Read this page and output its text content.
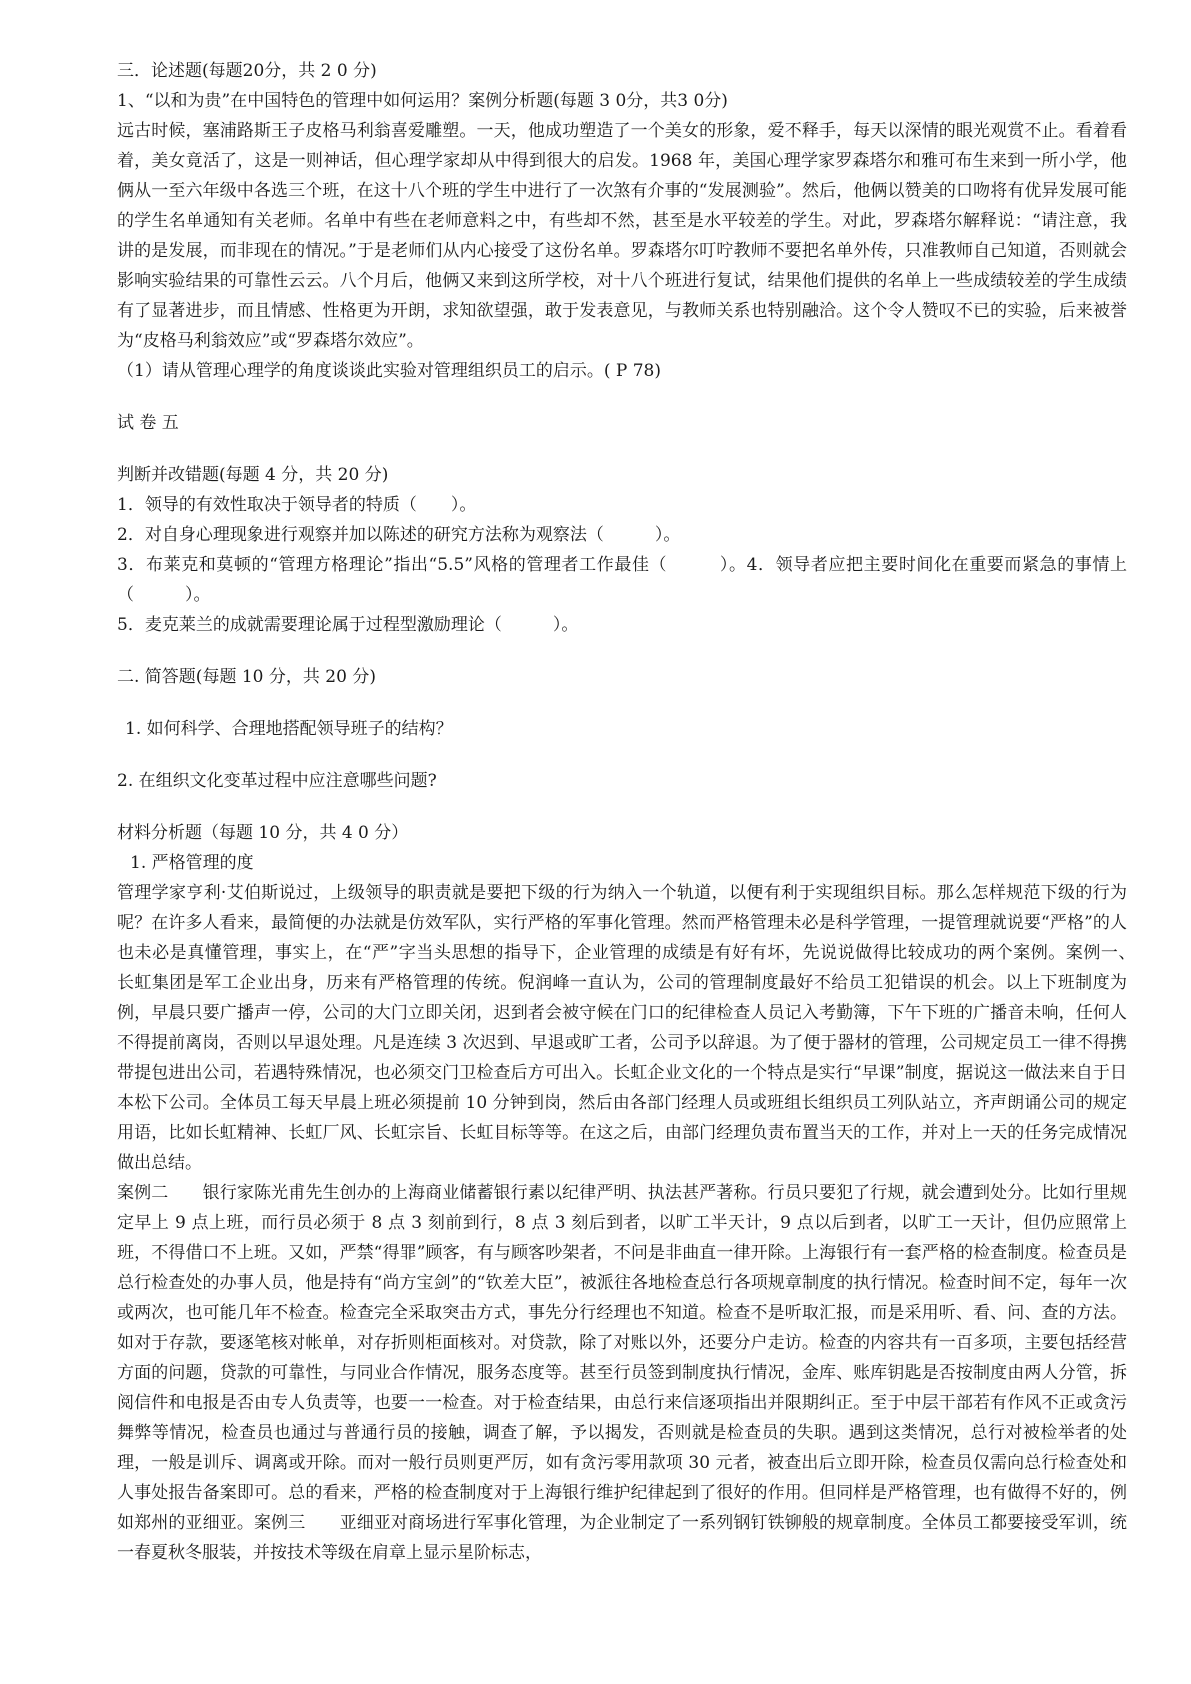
三．论述题(每题20分，共 2 0 分)
1、“以和为贵”在中国特色的管理中如何运用？案例分析题(每题 3 0分，共3 0分)
远古时候，塞浦路斯王子皮格马利翁喜爱雕塑。一天，他成功塑造了一个美女的形象，爱不释手，每天以深情的眼光观赏不止。看着看着，美女竟活了，这是一则神话，但心理学家却从中得到很大的启发。1968 年，美国心理学家罗森塔尔和雅可布生来到一所小学，他俩从一至六年级中各选三个班，在这十八个班的学生中进行了一次煞有介事的“发展测验”。然后，他俩以赞美的口吻将有优异发展可能的学生名单通知有关老师。名单中有些在老师意料之中，有些却不然，甚至是水平较差的学生。对此，罗森塔尔解释说：“请注意，我讲的是发展，而非现在的情况。”于是老师们从内心接受了这份名单。罗森塔尔叮咛教师不要把名单外传，只准教师自己知道，否则就会影响实验结果的可靠性云云。八个月后，他俩又来到这所学校，对十八个班进行复试，结果他们提供的名单上一些成绩较差的学生成绩有了显著进步，而且情感、性格更为开朗，求知欲望强，敢于发表意见，与教师关系也特别融洽。这个令人赞叹不已的实验，后来被誉为“皮格马利翁效应”或“罗森塔尔效应”。
（1）请从管理心理学的角度谈谈此实验对管理组织员工的启示。( P 78)
试 卷 五
判断并改错题(每题 4 分，共 20 分)
1．领导的有效性取决于领导者的特质（　　）。
2．对自身心理现象进行观察并加以陈述的研究方法称为观察法（　　　）。
3．布莱克和莫顿的“管理方格理论”指出“5.5”风格的管理者工作最佳（　　　）。4．领导者应把主要时间化在重要而紧急的事情上　（　　　）。
5．麦克莱兰的成就需要理论属于过程型激励理论（　　　）。
二. 简答题(每题 10 分，共 20 分)
1. 如何科学、合理地搭配领导班子的结构？
2. 在组织文化变革过程中应注意哪些问题?
材料分析题（每题 10 分，共 4 0 分）
1. 严格管理的度
管理学家亨利·艾伯斯说过，上级领导的职责就是要把下级的行为纳入一个轨道，以便有利于实现组织目标。那么怎样规范下级的行为呢？在许多人看来，最简便的办法就是仿效军队，实行严格的军事化管理。然而严格管理未必是科学管理，一提管理就说要“严格”的人也未必是真懂管理，事实上，在“严”字当头思想的指导下，企业管理的成绩是有好有坏，先说说做得比较成功的两个案例。案例一、　　长虹集团是军工企业出身，历来有严格管理的传统。倪润峰一直认为，公司的管理制度最好不给员工犯错误的机会。以上下班制度为例，早晨只要广播声一停，公司的大门立即关闭，迟到者会被守候在门口的纪律检查人员记入考勤簿，下午下班的广播音未响，任何人不得提前离岗，否则以早退处理。凡是连续 3 次迟到、早退或旷工者，公司予以辞退。为了便于器材的管理，公司规定员工一律不得携带提包进出公司，若遇特殊情况，也必须交门卫检查后方可出入。长虹企业文化的一个特点是实行“早课”制度，据说这一做法来自于日本松下公司。全体员工每天早晨上班必须提前 10 分钟到岗，然后由各部门经理人员或班组长组织员工列队站立，齐声朗诵公司的规定用语，比如长虹精神、长虹厂风、长虹宗旨、长虹目标等等。在这之后，由部门经理负责布置当天的工作，并对上一天的任务完成情况做出总结。
案例二　　银行家陈光甫先生创办的上海商业储蓄银行素以纪律严明、执法甚严著称。行员只要犯了行规，就会遭到处分。比如行里规定早上 9 点上班，而行员必须于 8 点 3 刻前到行，8 点 3 刻后到者，以旷工半天计，9 点以后到者，以旷工一天计，但仍应照常上班，不得借口不上班。又如，严禁“得罪”顾客，有与顾客吵架者，不问是非曲直一律开除。上海银行有一套严格的检查制度。检查员是总行检查处的办事人员，他是持有“尚方宝剑”的“钦差大臣”，被派往各地检查总行各项规章制度的执行情况。检查时间不定，每年一次或两次，也可能几年不检查。检查完全采取突击方式，事先分行经理也不知道。检查不是听取汇报，而是采用听、看、问、查的方法。如对于存款，要逐笔核对帐单，对存折则柜面核对。对贷款，除了对账以外，还要分户走访。检查的内容共有一百多项，主要包括经营方面的问题，贷款的可靠性，与同业合作情况，服务态度等。甚至行员签到制度执行情况，金库、账库钥匙是否按制度由两人分管，拆阅信件和电报是否由专人负责等，也要一一检查。对于检查结果，由总行来信逐项指出并限期纠正。至于中层干部若有作风不正或贪污舞弊等情况，检查员也通过与普通行员的接触，调查了解，予以揭发，否则就是检查员的失职。遇到这类情况，总行对被检举者的处理，一般是训斥、调离或开除。而对一般行员则更严厉，如有贪污零用款项 30 元者，被查出后立即开除，检查员仅需向总行检查处和人事处报告备案即可。总的看来，严格的检查制度对于上海银行维护纪律起到了很好的作用。但同样是严格管理，也有做得不好的，例如郑州的亚细亚。案例三　　亚细亚对商场进行军事化管理，为企业制定了一系列钢钉铁铆般的规章制度。全体员工都要接受军训，统一春夏秋冬服装，并按技术等级在肩章上显示星阶标志，
